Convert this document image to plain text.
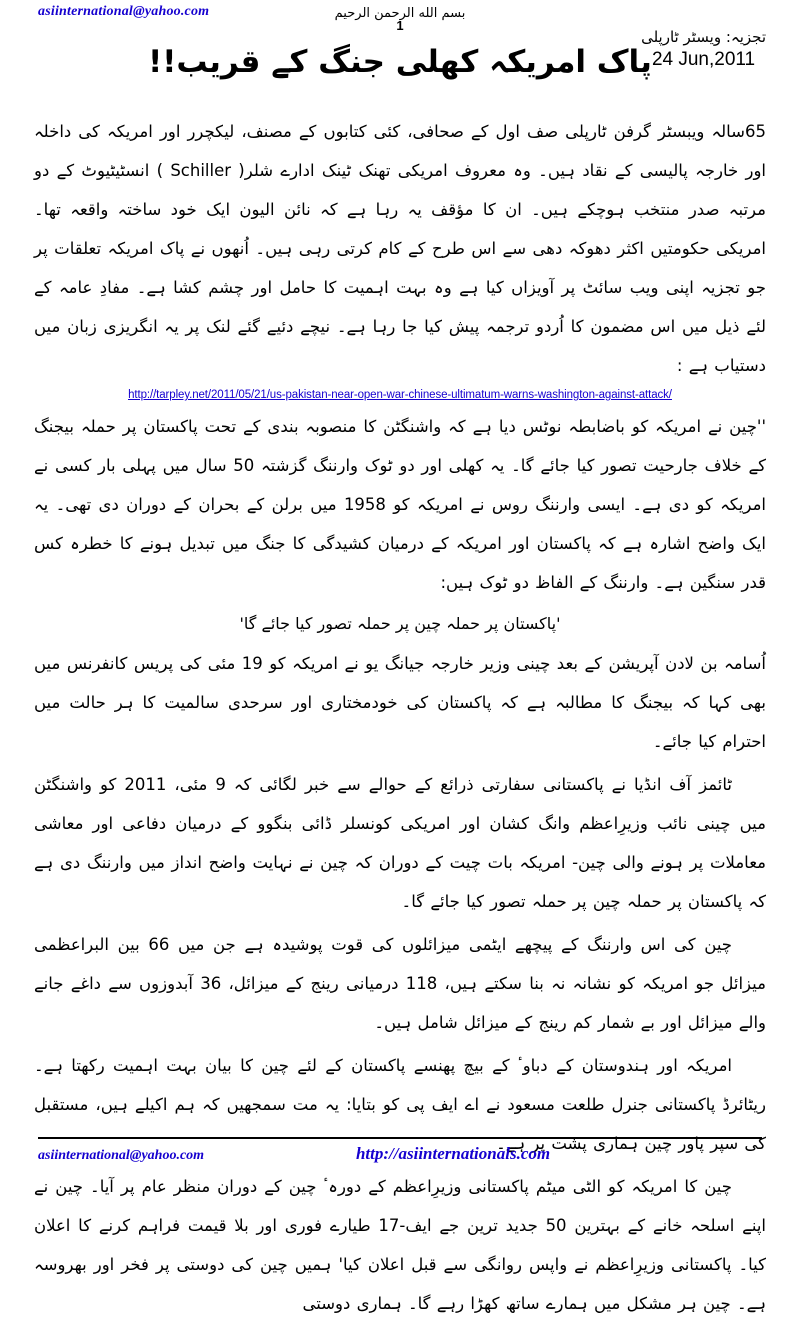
asiinternational@yahoo.com	بسم الله الرحمن الرحيم
1
تجزیہ: ویسٹر ٹارپلی
24 Jun,2011
پاک امریکہ کھلی جنگ کے قریب!!

65سالہ ویبسٹر گرفن ٹارپلی صف اول کے صحافی، کئی کتابوں کے مصنف، لیکچرر اور امریکہ کی داخلہ اور خارجہ پالیسی کے نقاد ہیں۔ وہ معروف امریکی تھنک ٹینک ادارے شلر( Schiller ) انسٹیٹیوٹ کے دو مرتبہ صدر منتخب ہوچکے ہیں۔ ان کا مؤقف یہ رہا ہے کہ نائن الیون ایک خود ساختہ واقعہ تھا۔ امریکی حکومتیں اکثر دھوکہ دھی سے اس طرح کے کام کرتی رہی ہیں۔ اُنھوں نے پاک امریکہ تعلقات پر جو تجزیہ اپنی ویب سائٹ پر آویزاں کیا ہے وہ بہت اہمیت کا حامل اور چشم کشا ہے۔ مفادِ عامہ کے لئے ذیل میں اس مضمون کا اُردو ترجمہ پیش کیا جا رہا ہے۔ نیچے دئیے گئے لنک پر یہ انگریزی زبان میں دستیاب ہے :

http://tarpley.net/2011/05/21/us-pakistan-near-open-war-chinese-ultimatum-warns-washington-against-attack/

''چین نے امریکہ کو باضابطہ نوٹس دیا ہے کہ واشنگٹن کا منصوبہ بندی کے تحت پاکستان پر حملہ بیجنگ کے خلاف جارحیت تصور کیا جائے گا۔ یہ کھلی اور دو ٹوک وارننگ گزشتہ 50 سال میں پہلی بار کسی نے امریکہ کو دی ہے۔ ایسی وارننگ روس نے امریکہ کو 1958 میں برلن کے بحران کے دوران دی تھی۔ یہ ایک واضح اشارہ ہے کہ پاکستان اور امریکہ کے درمیان کشیدگی کا جنگ میں تبدیل ہونے کا خطرہ کس قدر سنگین ہے۔ وارننگ کے الفاظ دو ٹوک ہیں:

'پاکستان پر حملہ چین پر حملہ تصور کیا جائے گا'

اُسامہ بن لادن آپریشن کے بعد چینی وزیر خارجہ جیانگ یو نے امریکہ کو 19 مئی کی پریس کانفرنس میں بھی کہا کہ بیجنگ کا مطالبہ ہے کہ پاکستان کی خودمختاری اور سرحدی سالمیت کا ہر حالت میں احترام کیا جائے۔

ٹائمز آف انڈیا نے پاکستانی سفارتی ذرائع کے حوالے سے خبر لگائی کہ 9 مئی، 2011 کو واشنگٹن میں چینی نائب وزیرِاعظم وانگ کشان اور امریکی کونسلر ڈائی بنگوو کے درمیان دفاعی اور معاشی معاملات پر ہونے والی چین- امریکہ بات چیت کے دوران کہ چین نے نہایت واضح انداز میں وارننگ دی ہے کہ پاکستان پر حملہ چین پر حملہ تصور کیا جائے گا۔

چین کی اس وارننگ کے پیچھے ایٹمی میزائلوں کی قوت پوشیدہ ہے جن میں 66 بین البراعظمی میزائل جو امریکہ کو نشانہ نہ بنا سکتے ہیں، 118 درمیانی رینج کے میزائل، 36 آبدوزوں سے داغے جانے والے میزائل اور بے شمار کم رینج کے میزائل شامل ہیں۔

امریکہ اور ہندوستان کے دباوٴ کے بیچ پھنسے پاکستان کے لئے چین کا بیان بہت اہمیت رکھتا ہے۔ ریٹائرڈ پاکستانی جنرل طلعت مسعود نے اے ایف پی کو بتایا: یہ مت سمجھیں کہ ہم اکیلے ہیں، مستقبل کی سپر پاور چین ہماری پشت پر ہے۔

چین کا امریکہ کو الٹی میٹم پاکستانی وزیرِاعظم کے دورہٴ چین کے دوران منظر عام پر آیا۔ چین نے اپنے اسلحہ خانے کے بہترین 50 جدید ترین جے ایف-17 طیارے فوری اور بلا قیمت فراہم کرنے کا اعلان کیا۔ پاکستانی وزیرِاعظم نے واپس روانگی سے قبل اعلان کیا' ہمیں چین کی دوستی پر فخر اور بھروسہ ہے۔ چین ہر مشکل میں ہمارے ساتھ کھڑا رہے گا۔ ہماری دوستی

asiinternational@yahoo.com	http://asiinternationals.com
